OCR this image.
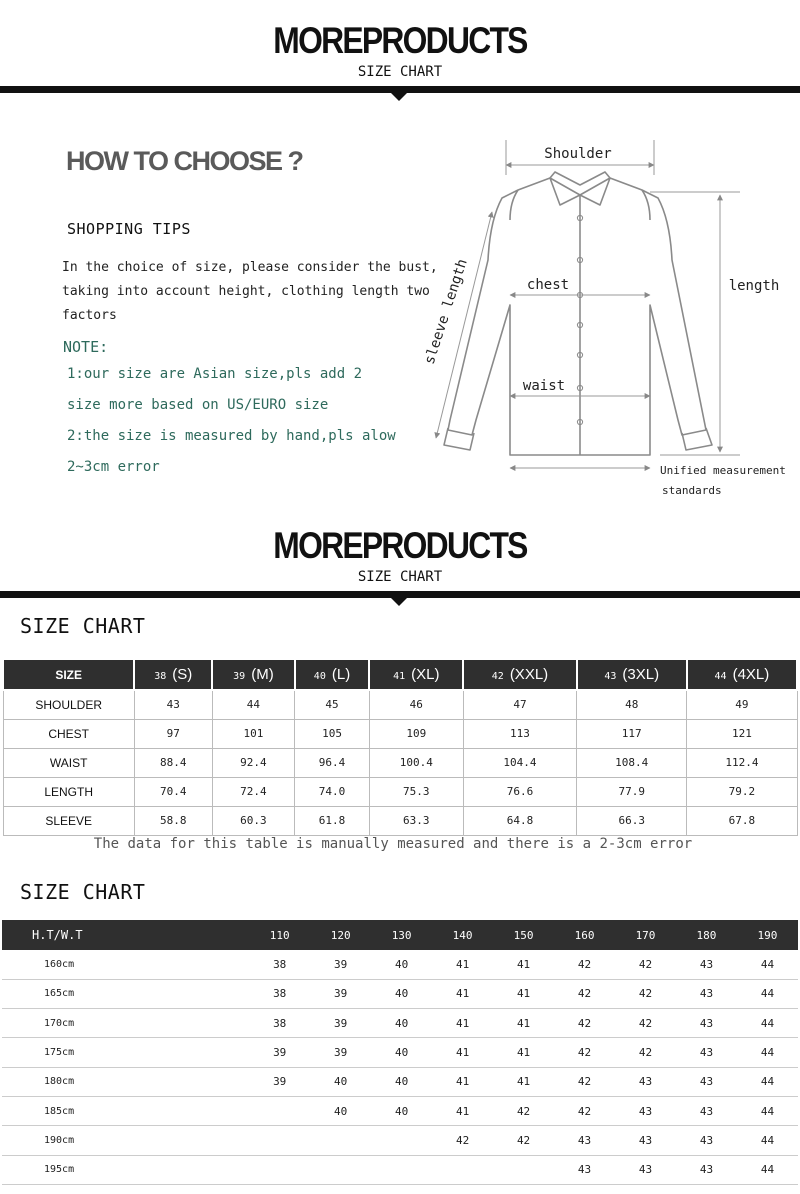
MOREPRODUCTS
SIZE CHART
HOW TO CHOOSE ?
SHOPPING TIPS
In the choice of size, please consider the bust,
taking into account height, clothing length two
factors
NOTE:
1:our size are Asian size,pls add 2
size more based on US/EURO size
2:the size is measured by hand,pls alow
2~3cm error
Shoulder
chest
waist
length
sleeve length
Unified measurement
standards
MOREPRODUCTS
SIZE CHART
SIZE CHART
SIZE	38 (S)	39 (M)	40 (L)	41 (XL)	42 (XXL)	43 (3XL)	44 (4XL)
SHOULDER	43	44	45	46	47	48	49
CHEST	97	101	105	109	113	117	121
WAIST	88.4	92.4	96.4	100.4	104.4	108.4	112.4
LENGTH	70.4	72.4	74.0	75.3	76.6	77.9	79.2
SLEEVE	58.8	60.3	61.8	63.3	64.8	66.3	67.8
The data for this table is manually measured and there is a 2-3cm error
SIZE CHART
H.T/W.T	110	120	130	140	150	160	170	180	190
160cm	38	39	40	41	41	42	42	43	44
165cm	38	39	40	41	41	42	42	43	44
170cm	38	39	40	41	41	42	42	43	44
175cm	39	39	40	41	41	42	42	43	44
180cm	39	40	40	41	41	42	43	43	44
185cm		40	40	41	42	42	43	43	44
190cm				42	42	43	43	43	44
195cm						43	43	43	44
